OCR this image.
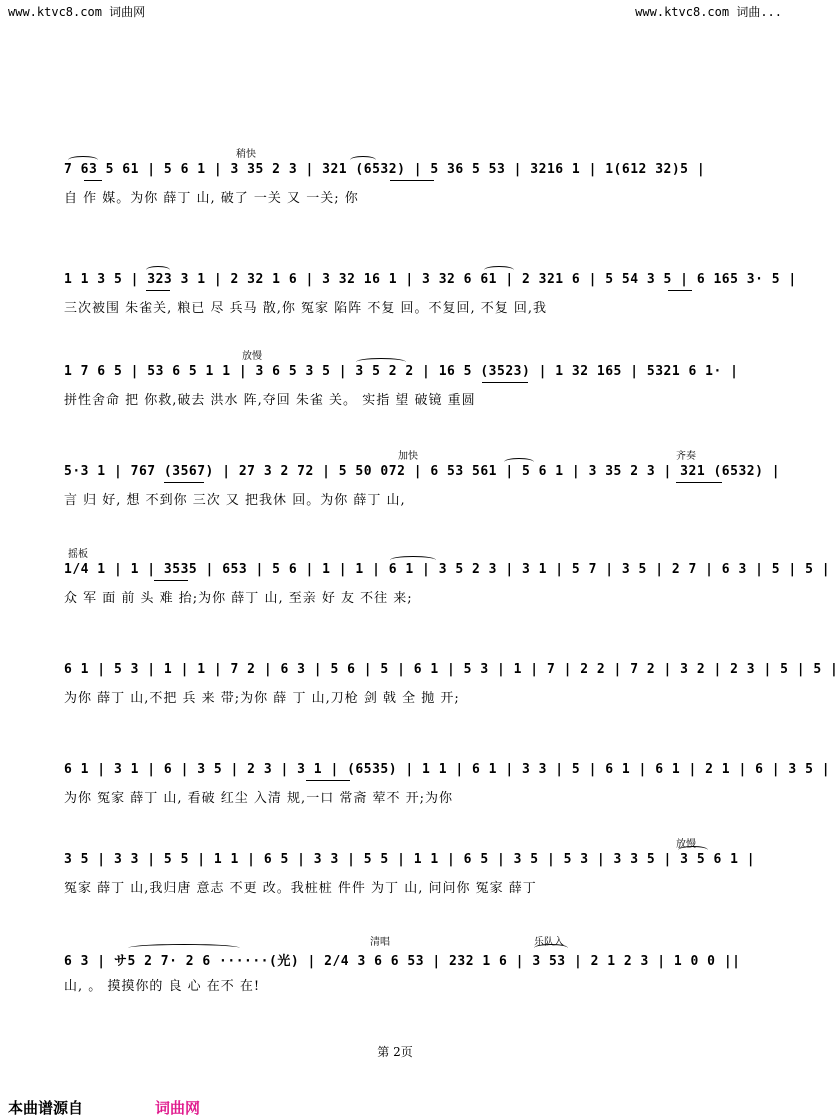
www.ktvc8.com 词曲网	www.ktvc8.com 词曲...
稍快
7 63 5 61 | 5 6 1 | 3 35 2 3 | 321 (6532) | 5 36 5 53 | 3216 1 | 1(612 32)5 |
自 作 媒。为你 薛丁 山, 破了 一关 又 一关; 你
1 1 3 5 | 323 3 1 | 2 32 1 6 | 3 32 16 1 | 3 32 6 61 | 2 321 6 | 5 54 3 5 | 6 165 3· 5 |
三次被围 朱雀关, 粮已 尽 兵马 散,你 冤家 陷阵 不复 回。不复回, 不复 回,我
放慢
1 7 6 5 | 53 6 5 1 1 | 3 6 5 3 5 | 3 5 2 2 | 16 5 (3523) | 1 32 165 | 5321 6 1· |
拼性舍命 把 你救,破去 洪水 阵,夺回 朱雀 关。 实指 望 破镜 重圆
加快	齐奏
5·3 1 | 767 (3567) | 27 3 2 72 | 5 50 072 | 6 53 561 | 5 6 1 | 3 35 2 3 | 321 (6532) |
言 归 好, 想 不到你 三次 又 把我休 回。为你 薛丁 山,
摇板
1/4 1 | 1 | 3535 | 653 | 5 6 | 1 | 1 | 6 1 | 3 5 2 3 | 3 1 | 5 7 | 3 5 | 2 7 | 6 3 | 5 | 5 |
众 军 面 前 头 难 抬;为你 薛丁 山, 至亲 好 友 不往 来;
6 1 | 5 3 | 1 | 1 | 7 2 | 6 3 | 5 6 | 5 | 6 1 | 5 3 | 1 | 7 | 2 2 | 7 2 | 3 2 | 2 3 | 5 | 5 |
为你 薛丁 山,不把 兵 来 带;为你 薛 丁 山,刀枪 剑 戟 全 抛 开;
6 1 | 3 1 | 6 | 3 5 | 2 3 | 3 1 | (6535) | 1 1 | 6 1 | 3 3 | 5 | 6 1 | 6 1 | 2 1 | 6 | 3 5 |
为你 冤家 薛丁 山, 看破 红尘 入清 规,一口 常斋 荤不 开;为你
放慢
3 5 | 3 3 | 5 5 | 1 1 | 6 5 | 3 3 | 5 5 | 1 1 | 6 5 | 3 5 | 5 3 | 3 3 5 | 3 5 6 1 |
冤家 薛丁 山,我归唐 意志 不更 改。我桩桩 件件 为丁 山, 问问你 冤家 薛丁
清唱	乐队入
6 3 | サ5 2 7· 2 6 ······(光) | 2/4 3 6 6 53 | 232 1 6 | 3 53 | 2 1 2 3 | 1 0 0 ||
山, 。 摸摸你的 良 心 在不 在!
第 2页
本曲谱源自	词曲网
